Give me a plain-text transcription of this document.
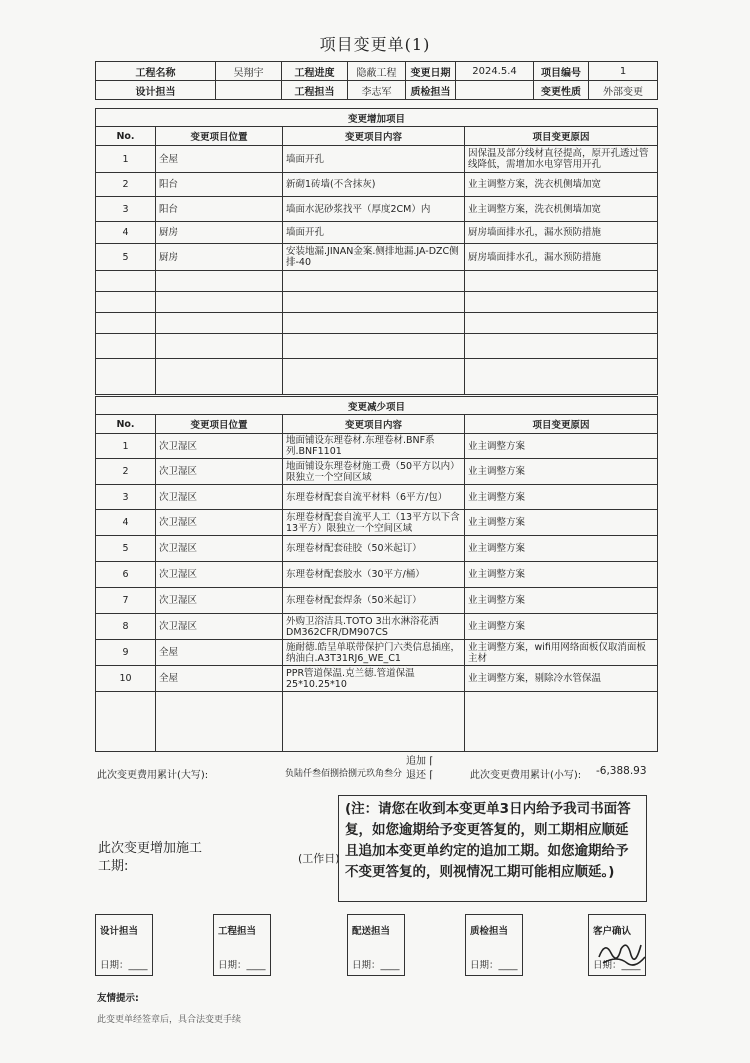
项目变更单(1)
工程名称	吴翔宇	工程进度	隐蔽工程	变更日期	2024.5.4	项目编号	1
设计担当		工程担当	李志军	质检担当		变更性质	外部变更
变更增加项目			
No.	变更项目位置	变更项目内容	项目变更原因
1	全屋	墙面开孔	因保温及部分线材直径提高，原开孔透过管线降低，需增加水电穿管用开孔
2	阳台	新砌1砖墙(不含抹灰)	业主调整方案，洗衣机侧墙加宽
3	阳台	墙面水泥砂浆找平（厚度2CM）内	业主调整方案，洗衣机侧墙加宽
4	厨房	墙面开孔	厨房墙面排水孔，漏水预防措施
5	厨房	安装地漏.JINAN金案.侧排地漏.JA-DZC侧排-40	厨房墙面排水孔，漏水预防措施

变更减少项目			
No.	变更项目位置	变更项目内容	项目变更原因
1	次卫湿区	地面铺设东理卷材.东理卷材.BNF系列.BNF1101	业主调整方案
2	次卫湿区	地面铺设东理卷材施工费（50平方以内）限独立一个空间区域	业主调整方案
3	次卫湿区	东理卷材配套自流平材料（6平方/包）	业主调整方案
4	次卫湿区	东理卷材配套自流平人工（13平方以下含13平方）限独立一个空间区域	业主调整方案
5	次卫湿区	东理卷材配套硅胶（50米起订）	业主调整方案
6	次卫湿区	东理卷材配套胶水（30平方/桶）	业主调整方案
7	次卫湿区	东理卷材配套焊条（50米起订）	业主调整方案
8	次卫湿区	外购卫浴洁具.TOTO 3出水淋浴花洒DM362CFR/DM907CS	业主调整方案
9	全屋	施耐德.皓呈单联带保护门六类信息插座，纳油白.A3T31RJ6_WE_C1	业主调整方案，wifi用网络面板仅取消面板主材
10	全屋	PPR管道保温.克兰德.管道保温25*10.25*10	业主调整方案，剔除冷水管保温

此次变更费用累计(大写):	负陆仟叁佰捌拾捌元玖角叁分
追加 ⌈
退还 ⌈	此次变更费用累计(小写): -6,388.93
此次变更增加施工
工期:
(工作日)
(注：请您在收到本变更单3日内给予我司书面答复，如您逾期给予变更答复的，则工期相应顺延且追加本变更单约定的追加工期。如您逾期给予不变更答复的，则视情况工期可能相应顺延。)
设计担当
日期：____
工程担当
日期：____
配送担当
日期：____
质检担当
日期：____
客户确认
日期：____
友情提示:
此变更单经签章后，具合法变更手续
